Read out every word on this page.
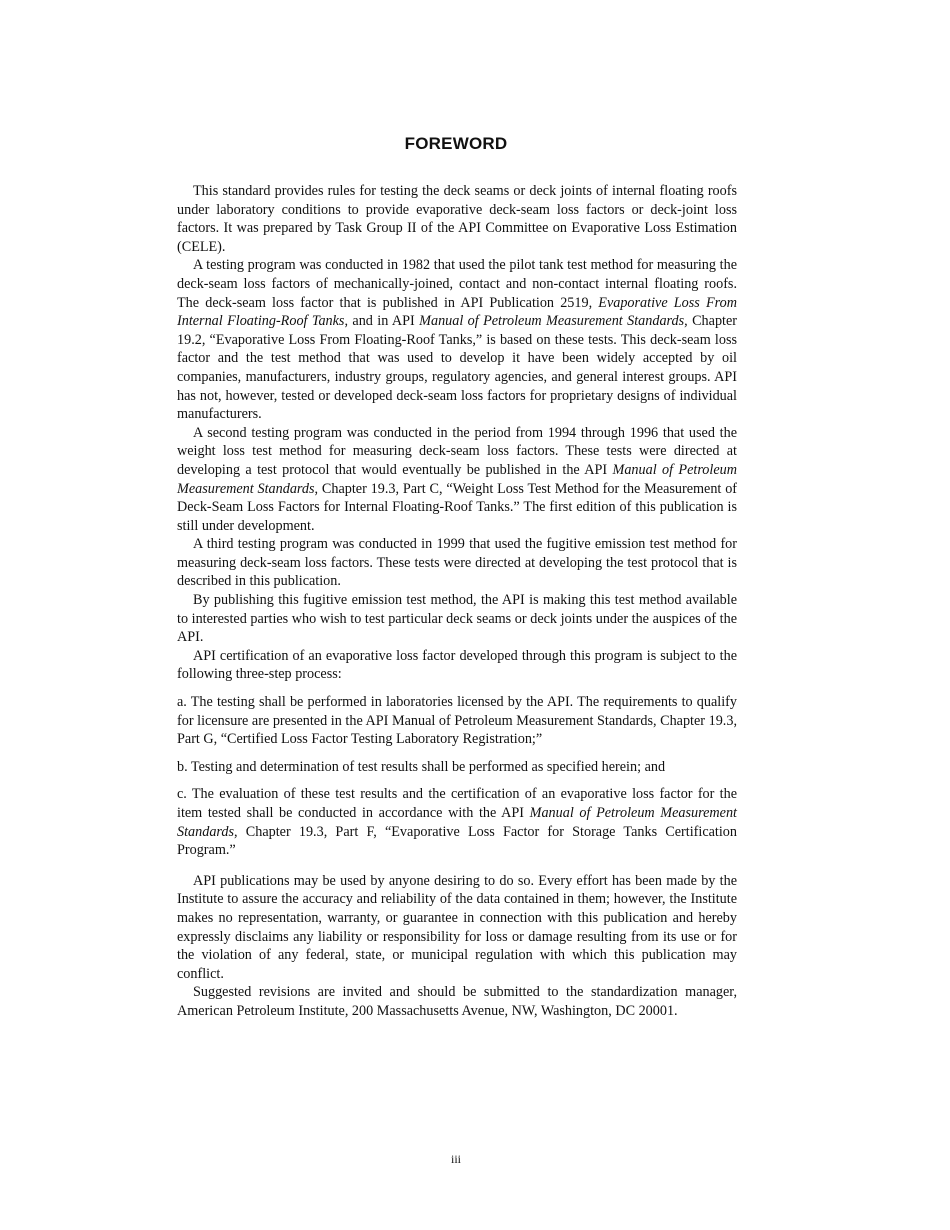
FOREWORD

This standard provides rules for testing the deck seams or deck joints of internal floating roofs under laboratory conditions to provide evaporative deck-seam loss factors or deck-joint loss factors. It was prepared by Task Group II of the API Committee on Evaporative Loss Estimation (CELE).

A testing program was conducted in 1982 that used the pilot tank test method for measuring the deck-seam loss factors of mechanically-joined, contact and non-contact internal floating roofs. The deck-seam loss factor that is published in API Publication 2519, Evaporative Loss From Internal Floating-Roof Tanks, and in API Manual of Petroleum Measurement Standards, Chapter 19.2, “Evaporative Loss From Floating-Roof Tanks,” is based on these tests. This deck-seam loss factor and the test method that was used to develop it have been widely accepted by oil companies, manufacturers, industry groups, regulatory agencies, and general interest groups. API has not, however, tested or developed deck-seam loss factors for proprietary designs of individual manufacturers.

A second testing program was conducted in the period from 1994 through 1996 that used the weight loss test method for measuring deck-seam loss factors. These tests were directed at developing a test protocol that would eventually be published in the API Manual of Petroleum Measurement Standards, Chapter 19.3, Part C, “Weight Loss Test Method for the Measurement of Deck-Seam Loss Factors for Internal Floating-Roof Tanks.” The first edition of this publication is still under development.

A third testing program was conducted in 1999 that used the fugitive emission test method for measuring deck-seam loss factors. These tests were directed at developing the test protocol that is described in this publication.

By publishing this fugitive emission test method, the API is making this test method available to interested parties who wish to test particular deck seams or deck joints under the auspices of the API.

API certification of an evaporative loss factor developed through this program is subject to the following three-step process:

a. The testing shall be performed in laboratories licensed by the API. The requirements to qualify for licensure are presented in the API Manual of Petroleum Measurement Standards, Chapter 19.3, Part G, “Certified Loss Factor Testing Laboratory Registration;”

b. Testing and determination of test results shall be performed as specified herein; and

c. The evaluation of these test results and the certification of an evaporative loss factor for the item tested shall be conducted in accordance with the API Manual of Petroleum Measurement Standards, Chapter 19.3, Part F, “Evaporative Loss Factor for Storage Tanks Certification Program.”

API publications may be used by anyone desiring to do so. Every effort has been made by the Institute to assure the accuracy and reliability of the data contained in them; however, the Institute makes no representation, warranty, or guarantee in connection with this publication and hereby expressly disclaims any liability or responsibility for loss or damage resulting from its use or for the violation of any federal, state, or municipal regulation with which this publication may conflict.

Suggested revisions are invited and should be submitted to the standardization manager, American Petroleum Institute, 200 Massachusetts Avenue, NW, Washington, DC 20001.

iii
